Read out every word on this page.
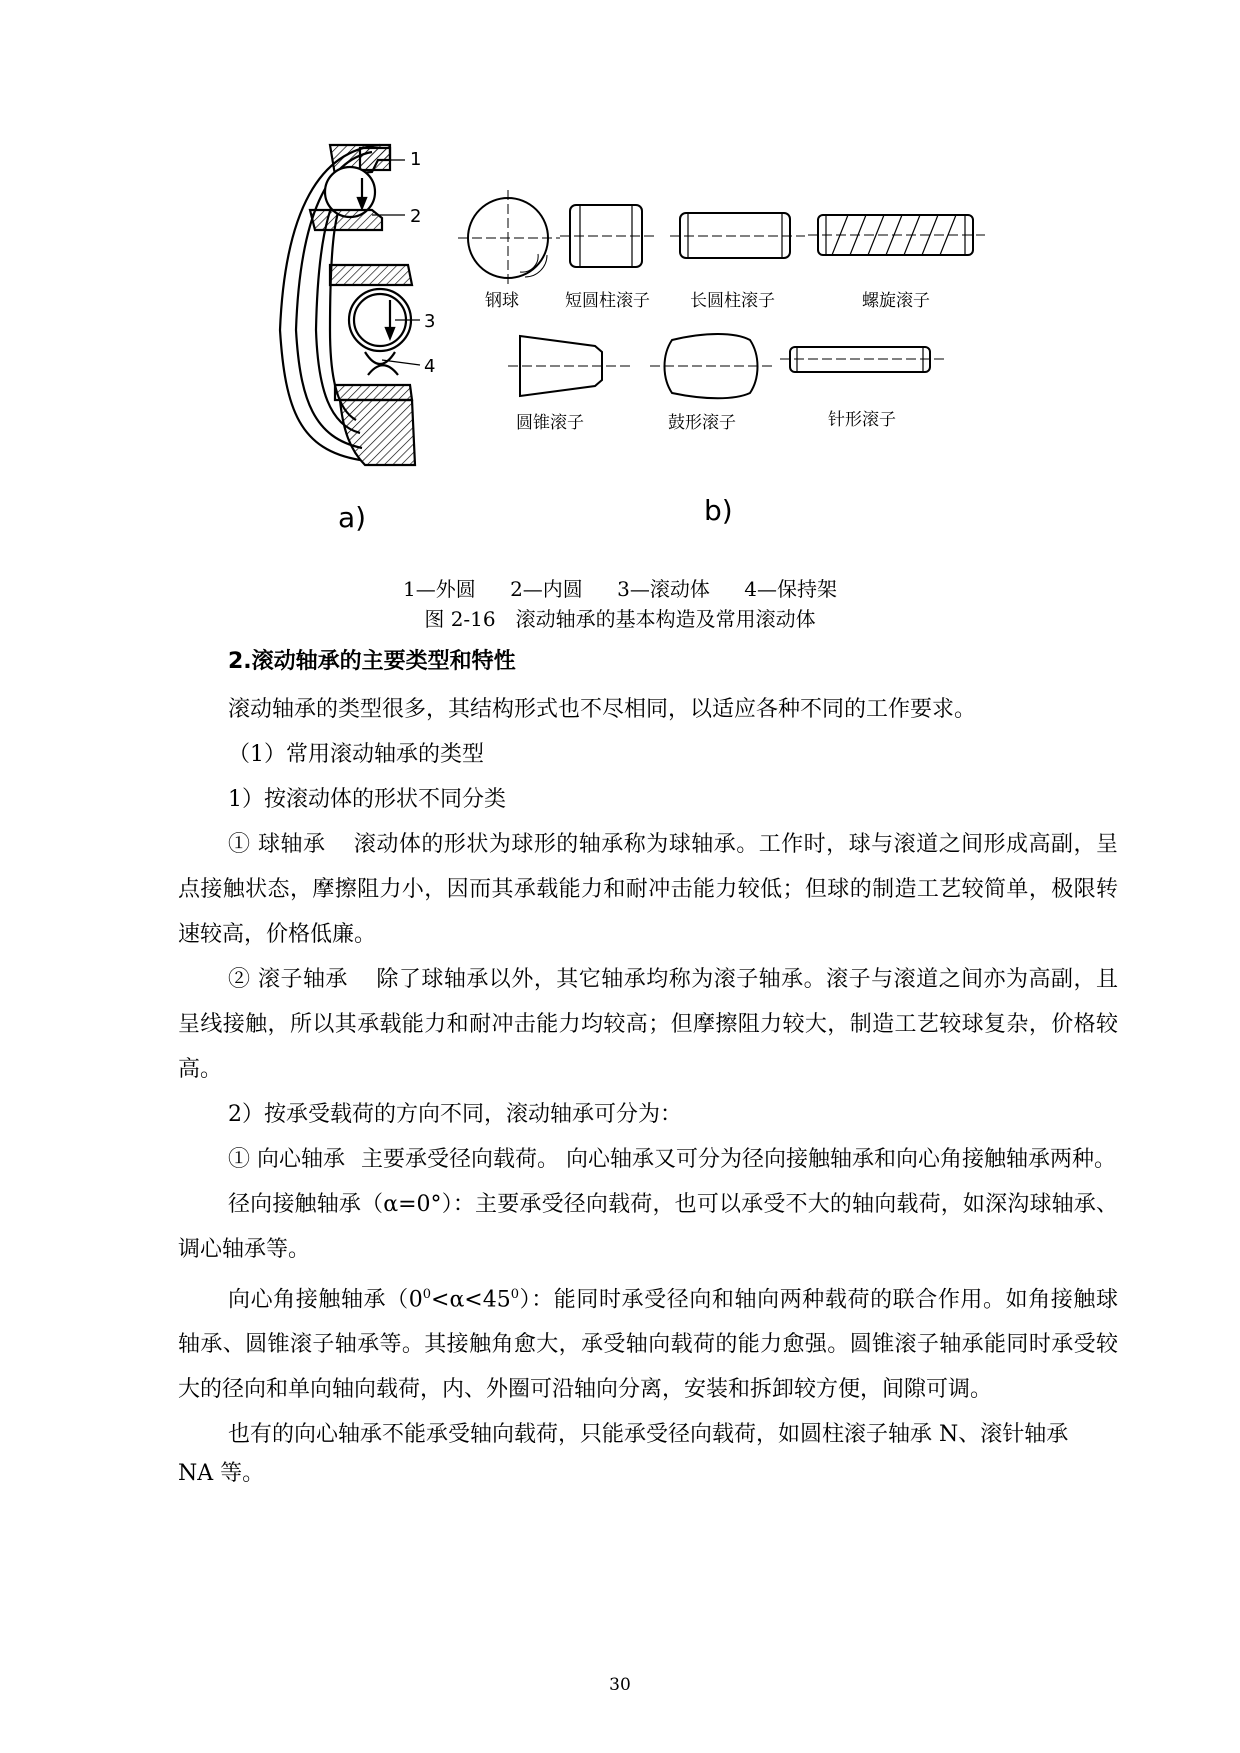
1
2
3
4
a)
钢球	短圆柱滚子 长圆柱滚子	螺旋滚子
圆锥滚子	鼓形滚子	针形滚子
b)
1—外圆 2—内圆 3—滚动体 4—保持架
图 2-16　滚动轴承的基本构造及常用滚动体
2.滚动轴承的主要类型和特性

滚动轴承的类型很多，其结构形式也不尽相同，以适应各种不同的工作要求。

（1）常用滚动轴承的类型

1）按滚动体的形状不同分类

① 球轴承 滚动体的形状为球形的轴承称为球轴承。工作时，球与滚道之间形成高副，呈点接触状态，摩擦阻力小，因而其承载能力和耐冲击能力较低；但球的制造工艺较简单，极限转速较高，价格低廉。

② 滚子轴承 除了球轴承以外，其它轴承均称为滚子轴承。滚子与滚道之间亦为高副，且呈线接触，所以其承载能力和耐冲击能力均较高；但摩擦阻力较大，制造工艺较球复杂，价格较高。

2）按承受载荷的方向不同，滚动轴承可分为：

① 向心轴承 主要承受径向载荷。 向心轴承又可分为径向接触轴承和向心角接触轴承两种。

径向接触轴承（α=0°）：主要承受径向载荷，也可以承受不大的轴向载荷，如深沟球轴承、调心轴承等。

向心角接触轴承$(0^0<\alpha<45^0)$：能同时承受径向和轴向两种载荷的联合作用。如角接触球轴承、圆锥滚子轴承等。其接触角愈大，承受轴向载荷的能力愈强。圆锥滚子轴承能同时承受较大的径向和单向轴向载荷，内、外圈可沿轴向分离，安装和拆卸较方便，间隙可调。

也有的向心轴承不能承受轴向载荷，只能承受径向载荷，如圆柱滚子轴承 N、滚针轴承

NA 等。

30
